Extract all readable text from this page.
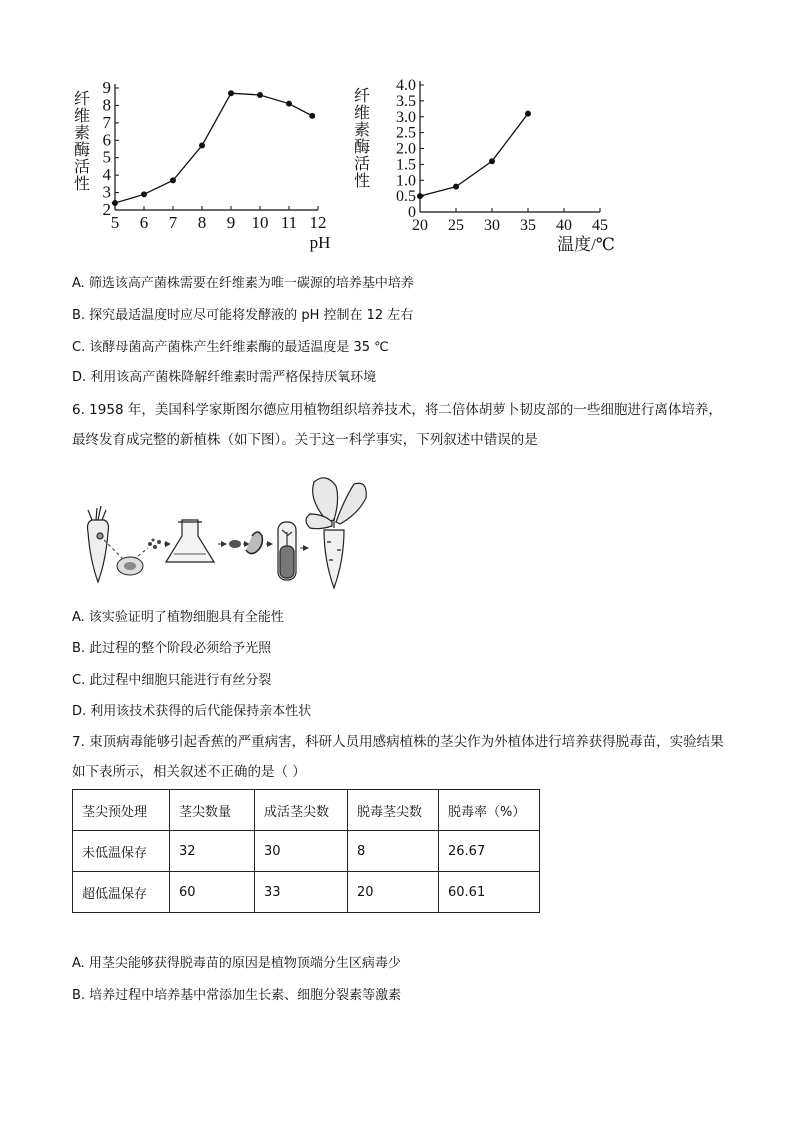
纤维素酶活性
2
3
4
5
6
7
8
9
5 6 7 8 9 10 11 12
pH
纤维素酶活性
0
0.5
1.0
1.5
2.0
2.5
3.0
3.5
4.0
20 25 30 35 40 45
温度/℃
A. 筛选该高产菌株需要在纤维素为唯一碳源的培养基中培养
B. 探究最适温度时应尽可能将发酵液的 pH 控制在 12 左右
C. 该酵母菌高产菌株产生纤维素酶的最适温度是 35 ℃
D. 利用该高产菌株降解纤维素时需严格保持厌氧环境
6. 1958 年，美国科学家斯图尔德应用植物组织培养技术，将二倍体胡萝卜韧皮部的一些细胞进行离体培养，最终发育成完整的新植株（如下图）。关于这一科学事实，下列叙述中错误的是
A. 该实验证明了植物细胞具有全能性
B. 此过程的整个阶段必须给予光照
C. 此过程中细胞只能进行有丝分裂
D. 利用该技术获得的后代能保持亲本性状
7. 束顶病毒能够引起香蕉的严重病害，科研人员用感病植株的茎尖作为外植体进行培养获得脱毒苗，实验结果如下表所示，相关叙述不正确的是（ ）
茎尖预处理	茎尖数量	成活茎尖数	脱毒茎尖数	脱毒率（%）
未低温保存	32	30	8	26.67
超低温保存	60	33	20	60.61
A. 用茎尖能够获得脱毒苗的原因是植物顶端分生区病毒少
B. 培养过程中培养基中常添加生长素、细胞分裂素等激素
